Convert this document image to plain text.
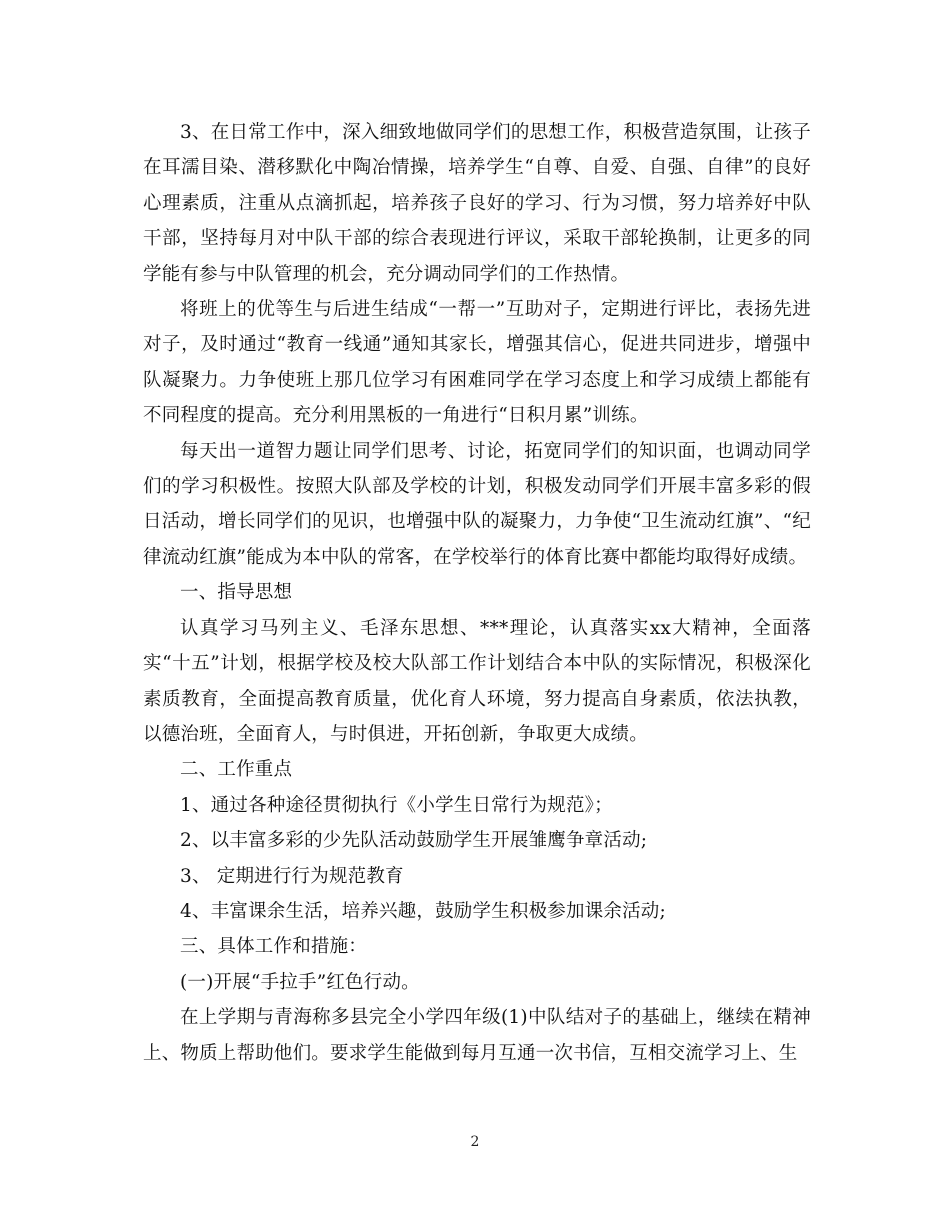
3、在日常工作中，深入细致地做同学们的思想工作，积极营造氛围，让孩子在耳濡目染、潜移默化中陶冶情操，培养学生“自尊、自爱、自强、自律”的良好心理素质，注重从点滴抓起，培养孩子良好的学习、行为习惯，努力培养好中队干部，坚持每月对中队干部的综合表现进行评议，采取干部轮换制，让更多的同学能有参与中队管理的机会，充分调动同学们的工作热情。

将班上的优等生与后进生结成“一帮一”互助对子，定期进行评比，表扬先进对子，及时通过“教育一线通”通知其家长，增强其信心，促进共同进步，增强中队凝聚力。力争使班上那几位学习有困难同学在学习态度上和学习成绩上都能有不同程度的提高。充分利用黑板的一角进行“日积月累”训练。

每天出一道智力题让同学们思考、讨论，拓宽同学们的知识面，也调动同学们的学习积极性。按照大队部及学校的计划，积极发动同学们开展丰富多彩的假日活动，增长同学们的见识，也增强中队的凝聚力，力争使“卫生流动红旗”、“纪律流动红旗”能成为本中队的常客，在学校举行的体育比赛中都能均取得好成绩。

一、指导思想

认真学习马列主义、毛泽东思想、***理论，认真落实xx大精神，全面落实“十五”计划，根据学校及校大队部工作计划结合本中队的实际情况，积极深化素质教育，全面提高教育质量，优化育人环境，努力提高自身素质，依法执教，以德治班，全面育人，与时俱进，开拓创新，争取更大成绩。

二、工作重点

1、通过各种途径贯彻执行《小学生日常行为规范》；

2、以丰富多彩的少先队活动鼓励学生开展雏鹰争章活动;

3、 定期进行行为规范教育

4、丰富课余生活，培养兴趣，鼓励学生积极参加课余活动;

三、具体工作和措施：

(一)开展“手拉手”红色行动。

在上学期与青海称多县完全小学四年级(1)中队结对子的基础上，继续在精神上、物质上帮助他们。要求学生能做到每月互通一次书信，互相交流学习上、生

2
